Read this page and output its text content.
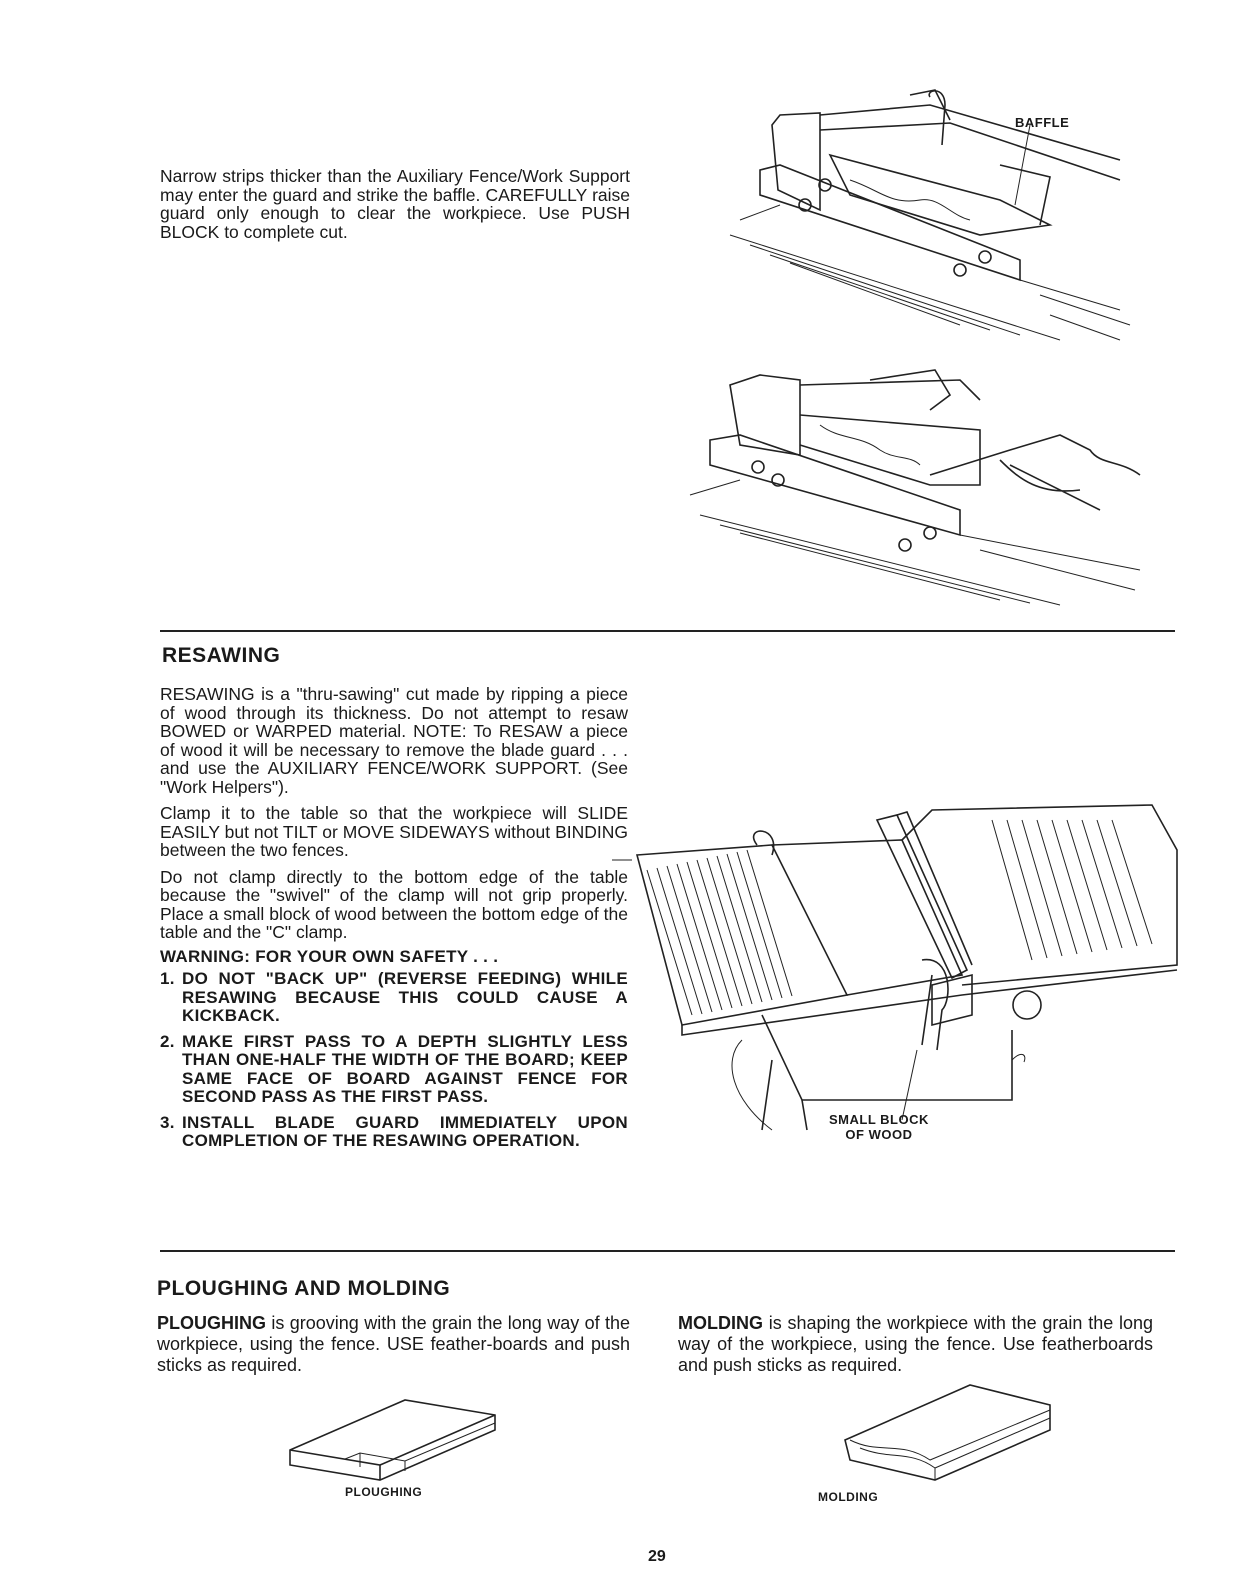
Narrow strips thicker than the Auxiliary Fence/Work Support may enter the guard and strike the baffle. CAREFULLY raise guard only enough to clear the workpiece. Use PUSH BLOCK to complete cut.
BAFFLE
RESAWING

RESAWING is a "thru-sawing" cut made by ripping a piece of wood through its thickness. Do not attempt to resaw BOWED or WARPED material. NOTE: To RESAW a piece of wood it will be necessary to remove the blade guard . . . and use the AUXILIARY FENCE/WORK SUPPORT. (See "Work Helpers").

Clamp it to the table so that the workpiece will SLIDE EASILY but not TILT or MOVE SIDEWAYS without BINDING between the two fences.

Do not clamp directly to the bottom edge of the table because the "swivel" of the clamp will not grip properly. Place a small block of wood between the bottom edge of the table and the "C" clamp.

WARNING: FOR YOUR OWN SAFETY . . .
1. DO NOT "BACK UP" (REVERSE FEEDING) WHILE RESAWING BECAUSE THIS COULD CAUSE A KICKBACK.
2. MAKE FIRST PASS TO A DEPTH SLIGHTLY LESS THAN ONE-HALF THE WIDTH OF THE BOARD; KEEP SAME FACE OF BOARD AGAINST FENCE FOR SECOND PASS AS THE FIRST PASS.
3. INSTALL BLADE GUARD IMMEDIATELY UPON COMPLETION OF THE RESAWING OPERATION.
SMALL BLOCK
OF WOOD
PLOUGHING AND MOLDING
PLOUGHING is grooving with the grain the long way of the workpiece, using the fence. USE feather-boards and push sticks as required.
MOLDING is shaping the workpiece with the grain the long way of the workpiece, using the fence. Use featherboards and push sticks as required.
PLOUGHING	MOLDING
29
